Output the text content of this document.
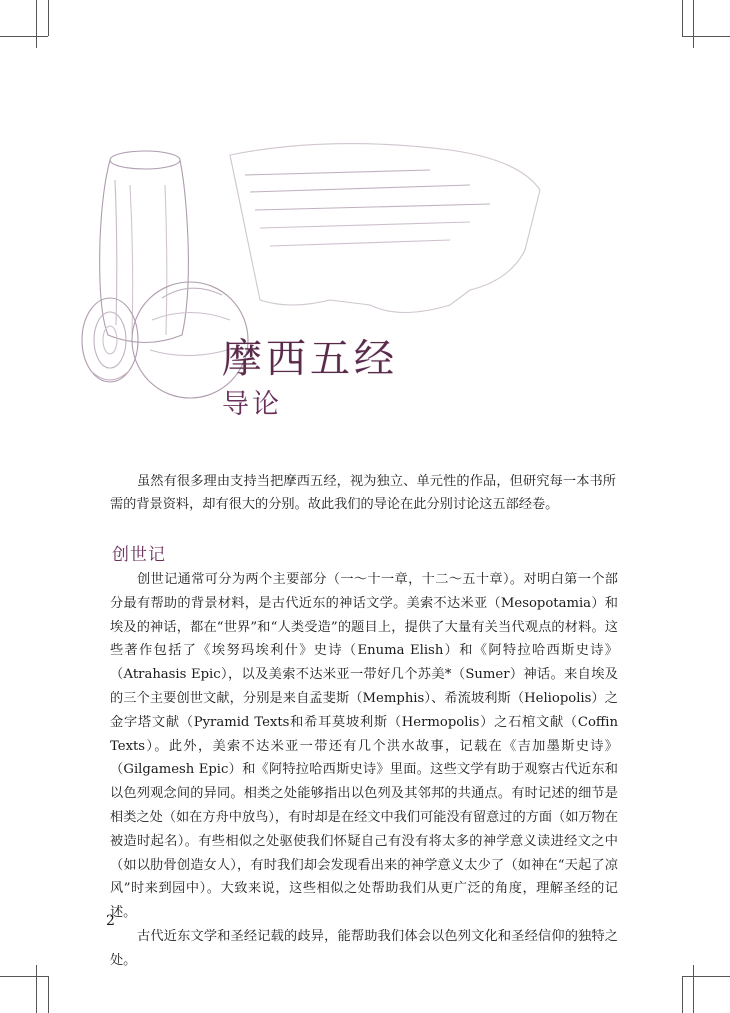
摩西五经
导论

虽然有很多理由支持当把摩西五经，视为独立、单元性的作品，但研究每一本书所需的背景资料，却有很大的分别。故此我们的导论在此分别讨论这五部经卷。

创世记

创世记通常可分为两个主要部分（一～十一章，十二～五十章）。对明白第一个部分最有帮助的背景材料，是古代近东的神话文学。美索不达米亚（Mesopotamia）和埃及的神话，都在“世界”和“人类受造”的题目上，提供了大量有关当代观点的材料。这些著作包括了《埃努玛埃利什》史诗（Enuma Elish）和《阿特拉哈西斯史诗》（Atrahasis Epic），以及美索不达米亚一带好几个苏美*（Sumer）神话。来自埃及的三个主要创世文献，分别是来自孟斐斯（Memphis）、希流坡利斯（Heliopolis）之金字塔文献（Pyramid Texts和希耳莫坡利斯（Hermopolis）之石棺文献（Coffin Texts）。此外，美索不达米亚一带还有几个洪水故事，记载在《吉加墨斯史诗》（Gilgamesh Epic）和《阿特拉哈西斯史诗》里面。这些文学有助于观察古代近东和以色列观念间的异同。相类之处能够指出以色列及其邻邦的共通点。有时记述的细节是相类之处（如在方舟中放鸟），有时却是在经文中我们可能没有留意过的方面（如万物在被造时起名）。有些相似之处驱使我们怀疑自己有没有将太多的神学意义读进经文之中（如以肋骨创造女人），有时我们却会发现看出来的神学意义太少了（如神在“天起了凉风”时来到园中）。大致来说，这些相似之处帮助我们从更广泛的角度，理解圣经的记述。

古代近东文学和圣经记载的歧异，能帮助我们体会以色列文化和圣经信仰的独特之处。

2
